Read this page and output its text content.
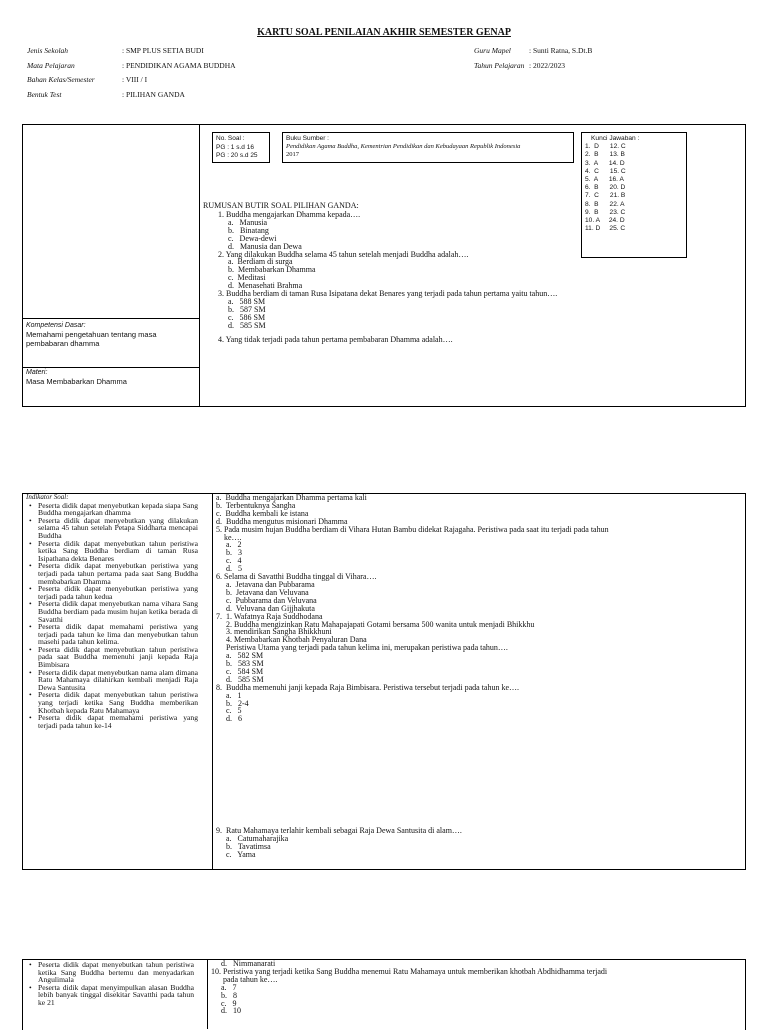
KARTU SOAL PENILAIAN AKHIR SEMESTER GENAP
Jenis Sekolah	: SMP PLUS SETIA BUDI
Mata Pelajaran	: PENDIDIKAN AGAMA BUDDHA
Bahan Kelas/Semester	: VIII / I
Bentuk Test	: PILIHAN GANDA
Guru Mapel : Sunti Ratna, S.Dt.B
Tahun Pelajaran : 2022/2023
No. Soal :
PG : 1 s.d 16
PG : 20 s.d 25
Buku Sumber :
Pendidikan Agama Buddha, Kementrian Pendidikan dan Kebudayaan Republik Indonesia
2017
Kunci Jawaban :
1.  D      12. C
2.  B      13. B
3.  A      14. D
4.  C      15. C
5.  A      16. A
6.  B      20. D
7.  C      21. B
8.  B      22. A
9.  B      23. C
10. A     24. D
11. D     25. C
RUMUSAN BUTIR SOAL PILIHAN GANDA:
1. Buddha mengajarkan Dhamma kepada….
a.   Manusia
b.   Binatang
c.   Dewa-dewi
d.   Manusia dan Dewa
2. Yang dilakukan Buddha selama 45 tahun setelah menjadi Buddha adalah….
a.  Berdiam di surga
b.  Membabarkan Dhamma
c.  Meditasi
d.  Menasehati Brahma
3. Buddha berdiam di taman Rusa Isipatana dekat Benares yang terjadi pada tahun pertama yaitu tahun….
a.   588 SM
b.   587 SM
c.   586 SM
d.   585 SM
4. Yang tidak terjadi pada tahun pertama pembabaran Dhamma adalah….
Kompetensi Dasar:
Memahami pengetahuan tentang masa
pembabaran dhamma
Materi:
Masa Membabarkan Dhamma
Indikator Soal:
• Peserta didik dapat menyebutkan kepada siapa Sang Buddha mengajarkan dhamma
• Peserta didik dapat menyebutkan yang dilakukan selama 45 tahun setelah Petapa Siddharta mencapai Buddha
• Peserta didik dapat menyebutkan tahun peristiwa ketika Sang Buddha berdiam di taman Rusa Isipathana dekta Benares
• Peserta didik dapat menyebutkan peristiwa yang terjadi pada tahun pertama pada saat Sang Buddha membabarkan Dhamma
• Peserta didik dapat menyebutkan peristiwa yang terjadi pada tahun kedua
• Peserta didik dapat menyebutkan nama vihara Sang Buddha berdiam pada musim hujan ketika berada di Savatthi
• Peserta didik dapat memahami peristiwa yang terjadi pada tahun ke lima dan menyebutkan tahun masehi pada tahun kelima.
• Peserta didik dapat menyebutkan tahun peristiwa pada saat Buddha memenuhi janji kepada Raja Bimbisara
• Peserta didik dapat menyebutkan nama alam dimana Ratu Mahamaya dilahirkan kembali menjadi Raja Dewa Santusita
• Peserta didik dapat menyebutkan tahun peristiwa yang terjadi ketika Sang Buddha memberikan Khotbah kepada Ratu Mahamaya
• Peserta didik dapat memahami peristiwa yang terjadi pada tahun ke-14
a.  Buddha mengajarkan Dhamma pertama kali
b.  Terbentuknya Sangha
c.  Buddha kembali ke istana
d.  Buddha mengutus misionari Dhamma
5. Pada musim hujan Buddha berdiam di Vihara Hutan Bambu didekat Rajagaha. Peristiwa pada saat itu terjadi pada tahun
ke….
a.   2
b.   3
c.   4
d.   5
6. Selama di Savatthi Buddha tinggal di Vihara….
a.  Jetavana dan Pubbarama
b.  Jetavana dan Veluvana
c.  Pubbarama dan Veluvana
d.  Veluvana dan Gijjhakuta
7.  1. Wafatnya Raja Suddhodana
2. Buddha mengizinkan Ratu Mahapajapati Gotami bersama 500 wanita untuk menjadi Bhikkhu
3. mendirikan Sangha Bhikkhuni
4. Membabarkan Khotbah Penyaluran Dana
Peristiwa Utama yang terjadi pada tahun kelima ini, merupakan peristiwa pada tahun….
a.   582 SM
b.   583 SM
c.   584 SM
d.   585 SM
8.  Buddha memenuhi janji kepada Raja Bimbisara. Peristiwa tersebut terjadi pada tahun ke….
a.   1
b.   2-4
c.   5
d.   6
9.  Ratu Mahamaya terlahir kembali sebagai Raja Dewa Santusita di alam….
a.   Catumaharajika
b.   Tavatimsa
c.   Yama
• Peserta didik dapat menyebutkan tahun peristiwa ketika Sang Buddha bertemu dan menyadarkan Angulimala
• Peserta didik dapat menyimpulkan alasan Buddha lebih banyak tinggal disekitar Savatthi pada tahun ke 21
d.   Nimmanarati
10. Peristiwa yang terjadi ketika Sang Buddha menemui Ratu Mahamaya untuk memberikan khotbah Abdhidhamma terjadi
pada tahun ke….
a.   7
b.   8
c.   9
d.   10
